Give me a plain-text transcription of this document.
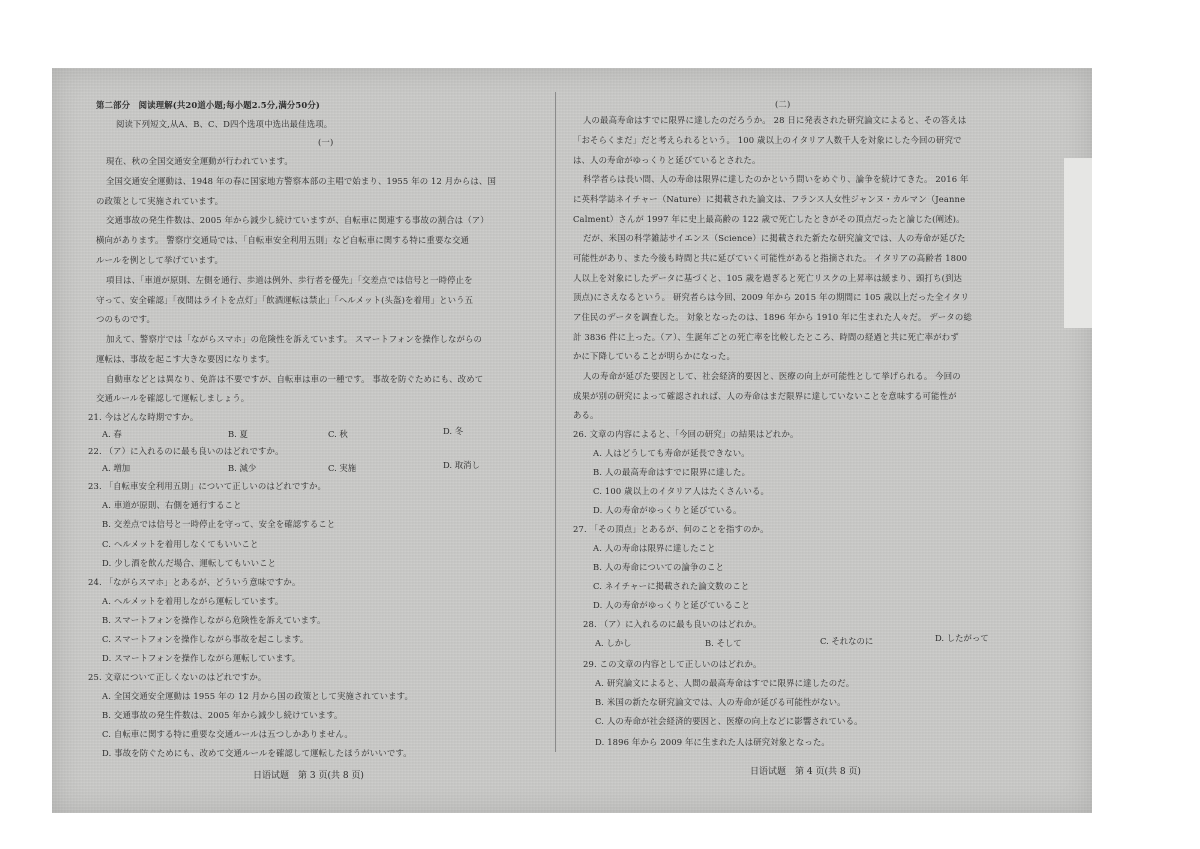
第二部分　阅读理解(共20道小题;每小题2.5分,满分50分)
阅读下列短文,从A、B、C、D四个选项中选出最佳选项。
(一)
現在、秋の全国交通安全運動が行われています。
全国交通安全運動は、1948 年の春に国家地方警察本部の主唱で始まり、1955 年の 12 月からは、国
の政策として実施されています。
交通事故の発生件数は、2005 年から減少し続けていますが、自転車に関連する事故の割合は（ア）
横向があります。 警察庁交通局では、「自転車安全利用五則」など自転車に関する特に重要な交通
ルールを例として挙げています。
項目は、「車道が原則、左側を通行、歩道は例外、歩行者を優先」「交差点では信号と一時停止を
守って、安全確認」「夜間はライトを点灯」「飲酒運転は禁止」「ヘルメット(头盔)を着用」という五
つのものです。
加えて、警察庁では「ながらスマホ」の危険性を訴えています。 スマートフォンを操作しながらの
運転は、事故を起こす大きな要因になります。
自動車などとは異なり、免許は不要ですが、自転車は車の一種です。 事故を防ぐためにも、改めて
交通ルールを確認して運転しましょう。
21. 今はどんな時期ですか。
A. 春	B. 夏	C. 秋	D. 冬
22. （ア）に入れるのに最も良いのはどれですか。
A. 増加	B. 減少	C. 実施	D. 取消し
23. 「自転車安全利用五則」について正しいのはどれですか。
A. 車道が原則、右側を通行すること
B. 交差点では信号と一時停止を守って、安全を確認すること
C. ヘルメットを着用しなくてもいいこと
D. 少し酒を飲んだ場合、運転してもいいこと
24. 「ながらスマホ」とあるが、どういう意味ですか。
A. ヘルメットを着用しながら運転しています。
B. スマートフォンを操作しながら危険性を訴えています。
C. スマートフォンを操作しながら事故を起こします。
D. スマートフォンを操作しながら運転しています。
25. 文章について正しくないのはどれですか。
A. 全国交通安全運動は 1955 年の 12 月から国の政策として実施されています。
B. 交通事故の発生件数は、2005 年から減少し続けています。
C. 自転車に関する特に重要な交通ルールは五つしかありません。
D. 事故を防ぐためにも、改めて交通ルールを確認して運転したほうがいいです。
日语试题　第 3 页(共 8 页)
(二)
人の最高寿命はすでに限界に達したのだろうか。 28 日に発表された研究論文によると、その答えは
「おそらくまだ」だと考えられるという。 100 歳以上のイタリア人数千人を対象にした今回の研究で
は、人の寿命がゆっくりと延びているとされた。
科学者らは長い間、人の寿命は限界に達したのかという問いをめぐり、論争を続けてきた。 2016 年
に英科学誌ネイチャー（Nature）に掲載された論文は、フランス人女性ジャンヌ・カルマン（Jeanne
Calment）さんが 1997 年に史上最高齢の 122 歳で死亡したときがその頂点だったと論じた(阐述)。
だが、米国の科学雑誌サイエンス（Science）に掲載された新たな研究論文では、人の寿命が延びた
可能性があり、また今後も時間と共に延びていく可能性があると指摘された。 イタリアの高齢者 1800
人以上を対象にしたデータに基づくと、105 歳を過ぎると死亡リスクの上昇率は緩まり、頭打ち(到达
顶点)にさえなるという。 研究者らは今回、2009 年から 2015 年の期間に 105 歳以上だった全イタリ
ア住民のデータを調査した。 対象となったのは、1896 年から 1910 年に生まれた人々だ。 データの総
計 3836 件に上った。（ア）、生誕年ごとの死亡率を比較したところ、時間の経過と共に死亡率がわず
かに下降していることが明らかになった。
人の寿命が延びた要因として、社会経済的要因と、医療の向上が可能性として挙げられる。 今回の
成果が別の研究によって確認されれば、人の寿命はまだ限界に達していないことを意味する可能性が
ある。
26. 文章の内容によると、「今回の研究」の結果はどれか。
A. 人はどうしても寿命が延長できない。
B. 人の最高寿命はすでに限界に達した。
C. 100 歳以上のイタリア人はたくさんいる。
D. 人の寿命がゆっくりと延びている。
27. 「その頂点」とあるが、何のことを指すのか。
A. 人の寿命は限界に達したこと
B. 人の寿命についての論争のこと
C. ネイチャーに掲載された論文数のこと
D. 人の寿命がゆっくりと延びていること
28. （ア）に入れるのに最も良いのはどれか。
A. しかし	B. そして	C. それなのに	D. したがって
29. この文章の内容として正しいのはどれか。
A. 研究論文によると、人間の最高寿命はすでに限界に達したのだ。
B. 米国の新たな研究論文では、人の寿命が延びる可能性がない。
C. 人の寿命が社会経済的要因と、医療の向上などに影響されている。
D. 1896 年から 2009 年に生まれた人は研究対象となった。
日语试题　第 4 页(共 8 页)
